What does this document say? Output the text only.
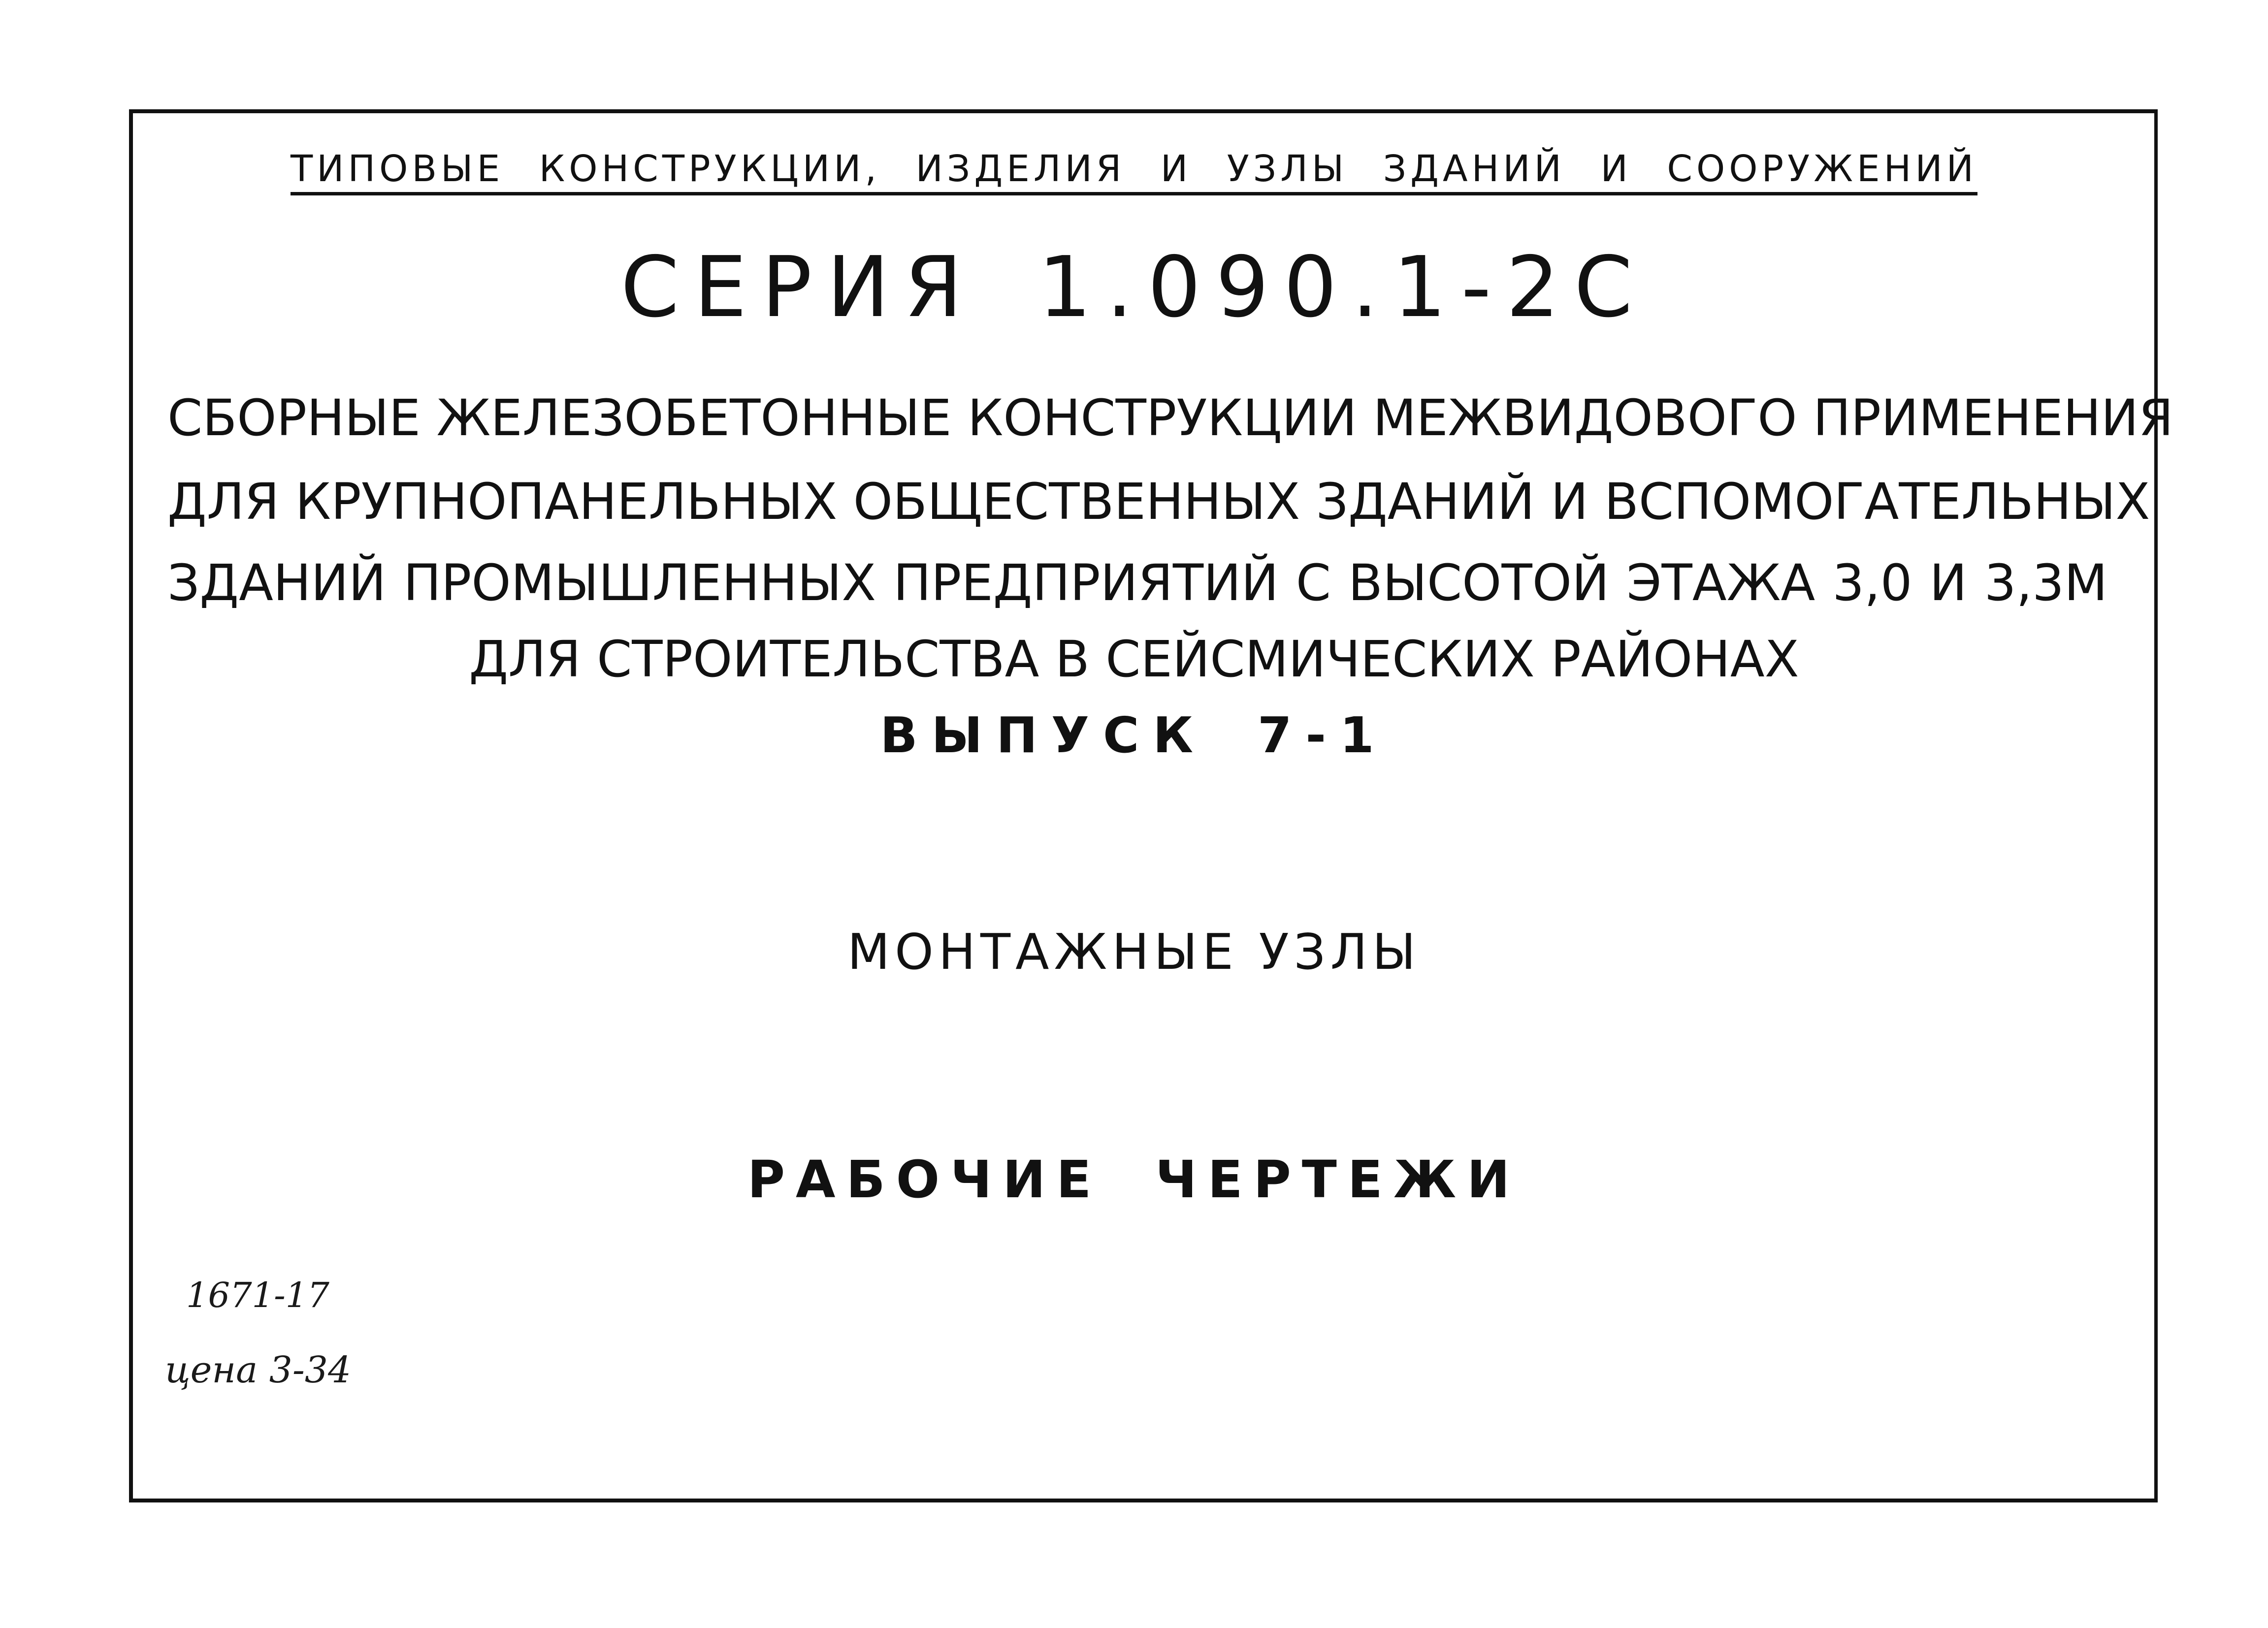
ТИПОВЫЕ КОНСТРУКЦИИ, ИЗДЕЛИЯ И УЗЛЫ ЗДАНИЙ И СООРУЖЕНИЙ
СЕРИЯ 1.090.1-2С
СБОРНЫЕ ЖЕЛЕЗОБЕТОННЫЕ КОНСТРУКЦИИ МЕЖВИДОВОГО ПРИМЕНЕНИЯ
ДЛЯ КРУПНОПАНЕЛЬНЫХ ОБЩЕСТВЕННЫХ ЗДАНИЙ И ВСПОМОГАТЕЛЬНЫХ
ЗДАНИЙ ПРОМЫШЛЕННЫХ ПРЕДПРИЯТИЙ С ВЫСОТОЙ ЭТАЖА 3,0 И 3,3М
ДЛЯ СТРОИТЕЛЬСТВА В СЕЙСМИЧЕСКИХ РАЙОНАХ
ВЫПУСК 7-1
МОНТАЖНЫЕ УЗЛЫ
РАБОЧИЕ ЧЕРТЕЖИ
1671-17
цена 3-34
